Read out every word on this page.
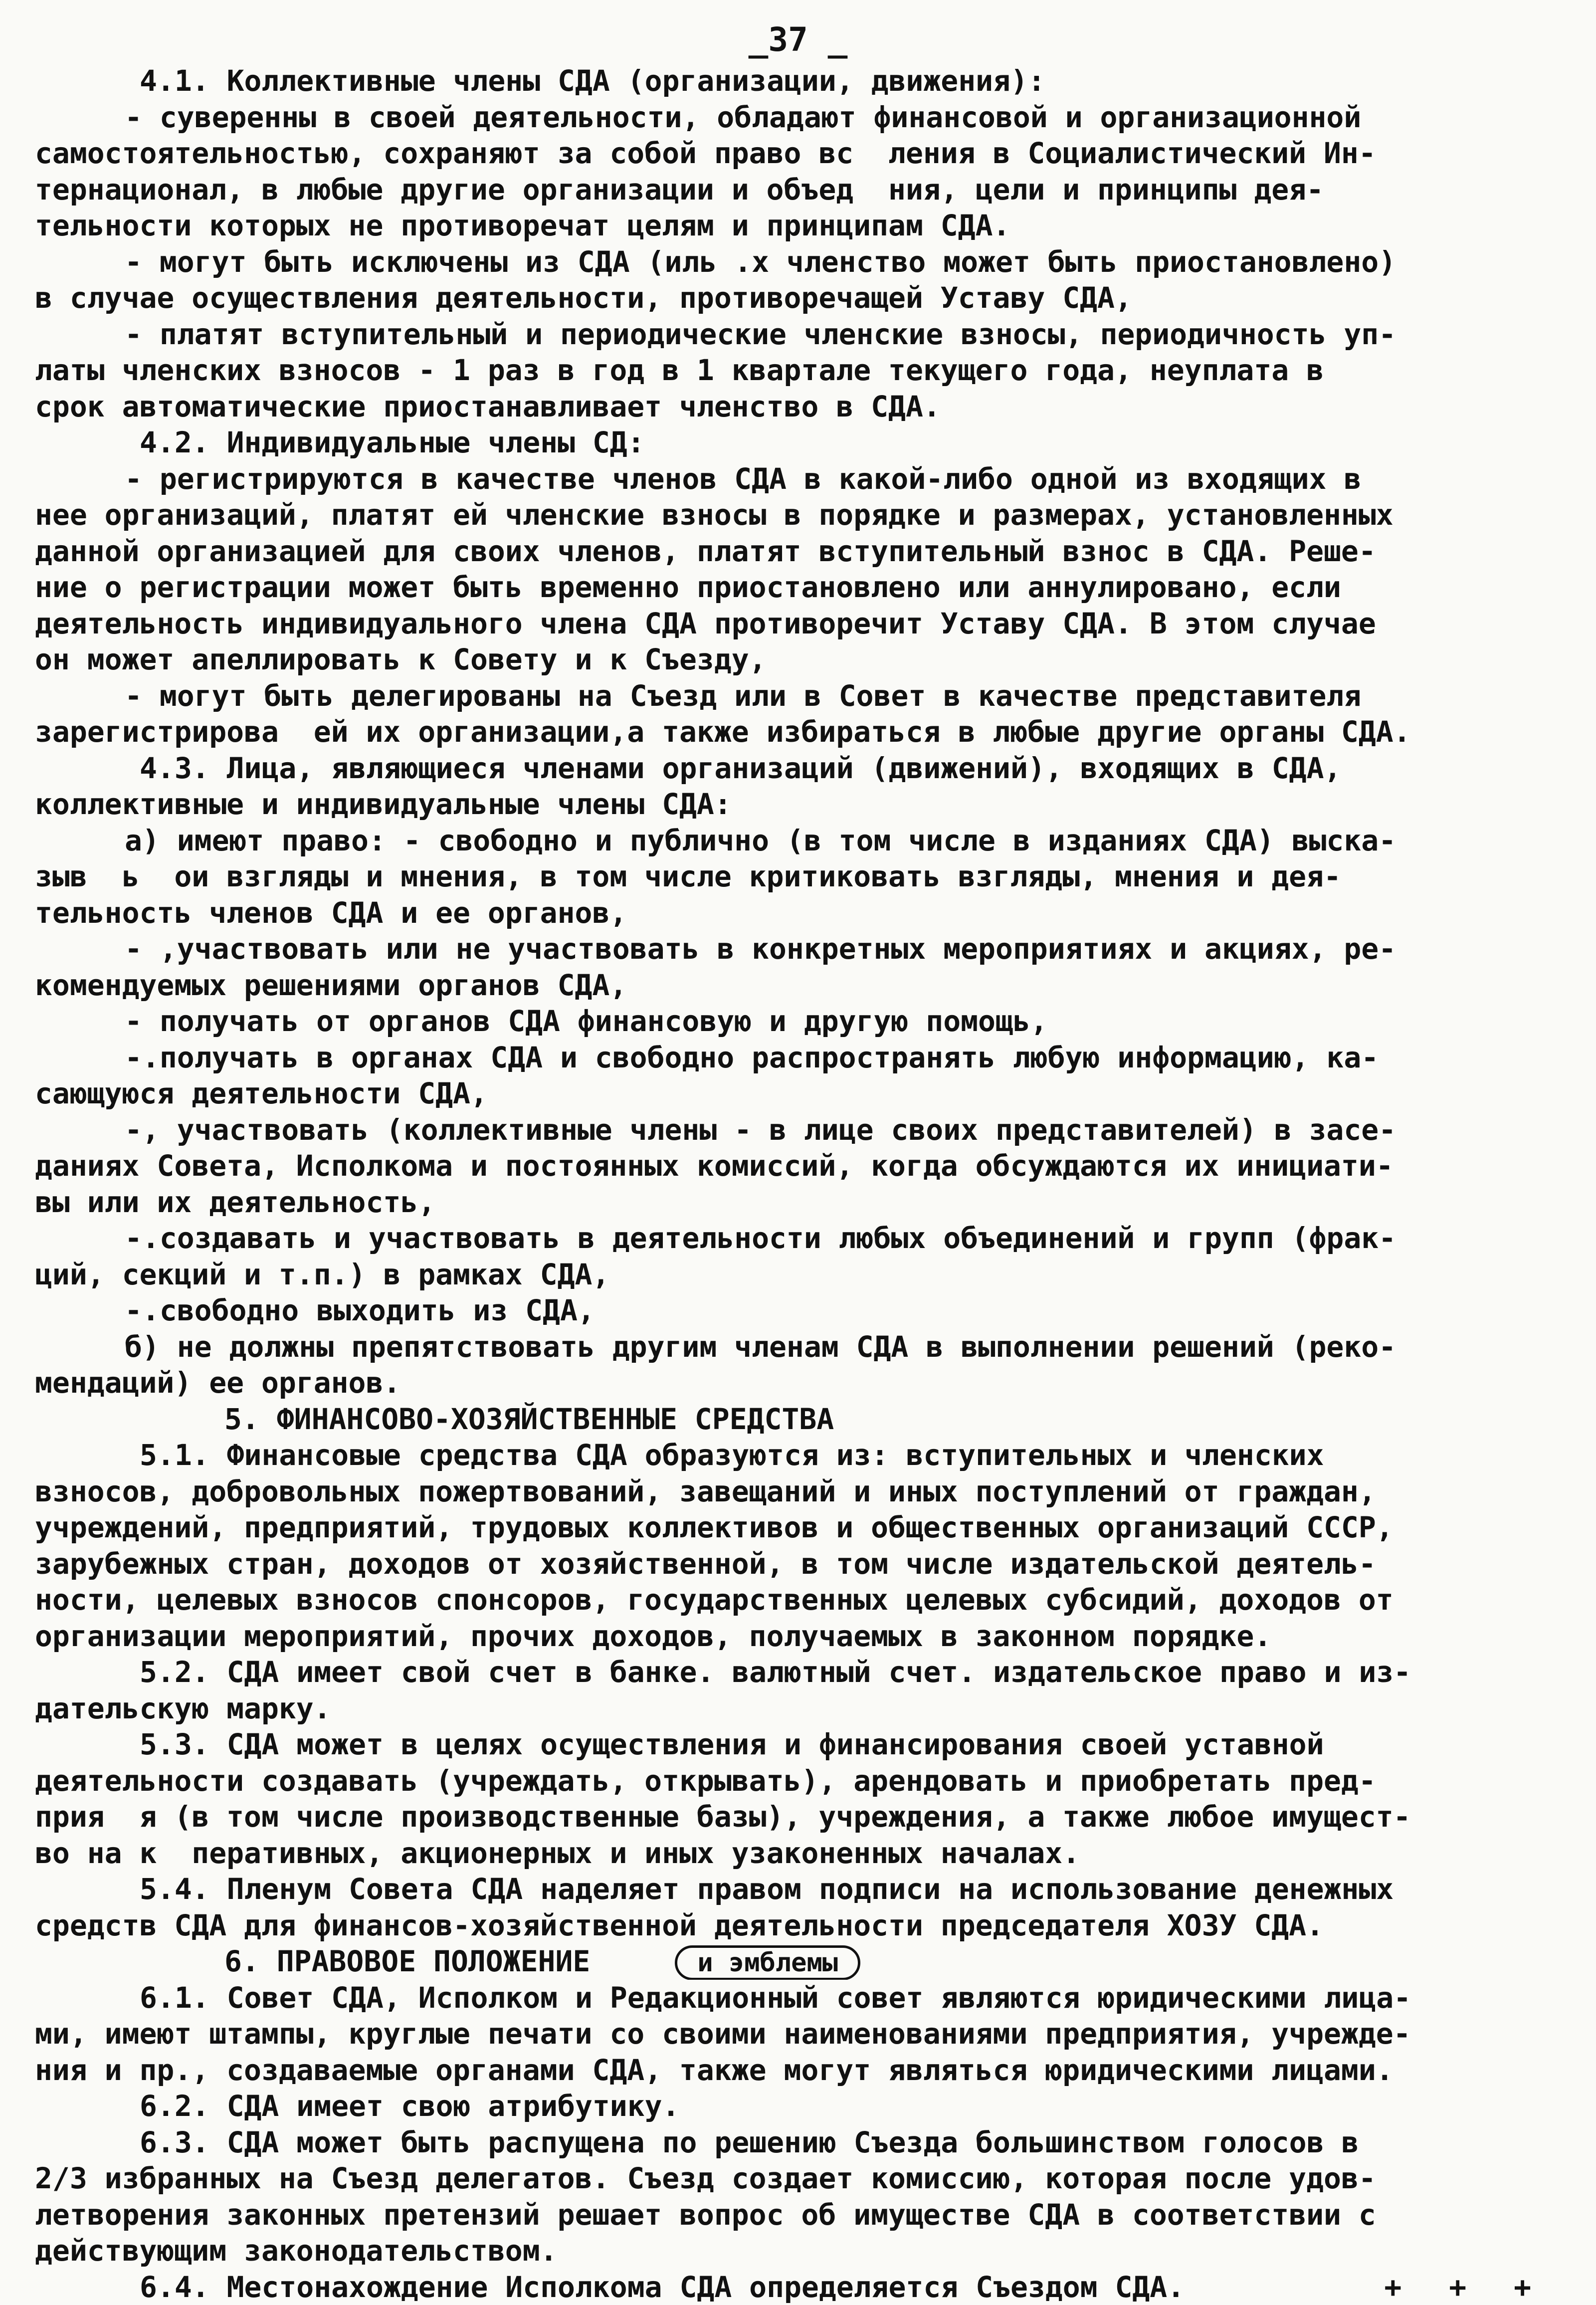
_37 _
4.1. Коллективные члены СДА (организации, движения):
- суверенны в своей деятельности, обладают финансовой и организационной
самостоятельностью, сохраняют за собой право вс  ления в Социалистический Ин-
тернационал, в любые другие организации и объед  ния, цели и принципы дея-
тельности которых не противоречат целям и принципам СДА.
- могут быть исключены из СДА (иль .х членство может быть приостановлено)
в случае осуществления деятельности, противоречащей Уставу СДА,
- платят вступительный и периодические членские взносы, периодичность уп-
латы членских взносов - 1 раз в год в 1 квартале текущего года, неуплата в
срок автоматические приостанавливает членство в СДА.
4.2. Индивидуальные члены СД:
- регистрируются в качестве членов СДА в какой-либо одной из входящих в
нее организаций, платят ей членские взносы в порядке и размерах, установленных
данной организацией для своих членов, платят вступительный взнос в СДА. Реше-
ние о регистрации может быть временно приостановлено или аннулировано, если
деятельность индивидуального члена СДА противоречит Уставу СДА. В этом случае
он может апеллировать к Совету и к Съезду,
- могут быть делегированы на Съезд или в Совет в качестве представителя
зарегистрирова  ей их организации,а также избираться в любые другие органы СДА.
4.3. Лица, являющиеся членами организаций (движений), входящих в СДА,
коллективные и индивидуальные члены СДА:
а) имеют право: - свободно и публично (в том числе в изданиях СДА) выска-
зыв  ь  ои взгляды и мнения, в том числе критиковать взгляды, мнения и дея-
тельность членов СДА и ее органов,
- ,участвовать или не участвовать в конкретных мероприятиях и акциях, ре-
комендуемых решениями органов СДА,
- получать от органов СДА финансовую и другую помощь,
-.получать в органах СДА и свободно распространять любую информацию, ка-
сающуюся деятельности СДА,
-, участвовать (коллективные члены - в лице своих представителей) в засе-
даниях Совета, Исполкома и постоянных комиссий, когда обсуждаются их инициати-
вы или их деятельность,
-.создавать и участвовать в деятельности любых объединений и групп (фрак-
ций, секций и т.п.) в рамках СДА,
-.свободно выходить из СДА,
б) не должны препятствовать другим членам СДА в выполнении решений (реко-
мендаций) ее органов.
5. ФИНАНСОВО-ХОЗЯЙСТВЕННЫЕ СРЕДСТВА
5.1. Финансовые средства СДА образуются из: вступительных и членских
взносов, добровольных пожертвований, завещаний и иных поступлений от граждан,
учреждений, предприятий, трудовых коллективов и общественных организаций СССР,
зарубежных стран, доходов от хозяйственной, в том числе издательской деятель-
ности, целевых взносов спонсоров, государственных целевых субсидий, доходов от
организации мероприятий, прочих доходов, получаемых в законном порядке.
5.2. СДА имеет свой счет в банке. валютный счет. издательское право и из-
дательскую марку.
5.3. СДА может в целях осуществления и финансирования своей уставной
деятельности создавать (учреждать, открывать), арендовать и приобретать пред-
прия  я (в том числе производственные базы), учреждения, а также любое имущест-
во на к  перативных, акционерных и иных узаконенных началах.
5.4. Пленум Совета СДА наделяет правом подписи на использование денежных
средств СДА для финансов-хозяйственной деятельности председателя ХОЗУ СДА.
6. ПРАВОВОЕ ПОЛОЖЕНИЕ	и эмблемы
6.1. Совет СДА, Исполком и Редакционный совет являются юридическими лица-
ми, имеют штампы, круглые печати со своими наименованиями предприятия, учрежде-
ния и пр., создаваемые органами СДА, также могут являться юридическими лицами.
6.2. СДА имеет свою атрибутику.
6.3. СДА может быть распущена по решению Съезда большинством голосов в
2/3 избранных на Съезд делегатов. Съезд создает комиссию, которая после удов-
летворения законных претензий решает вопрос об имуществе СДА в соответствии с
действующим законодательством.
6.4. Местонахождение Исполкома СДА определяется Съездом СДА.	+ + +
